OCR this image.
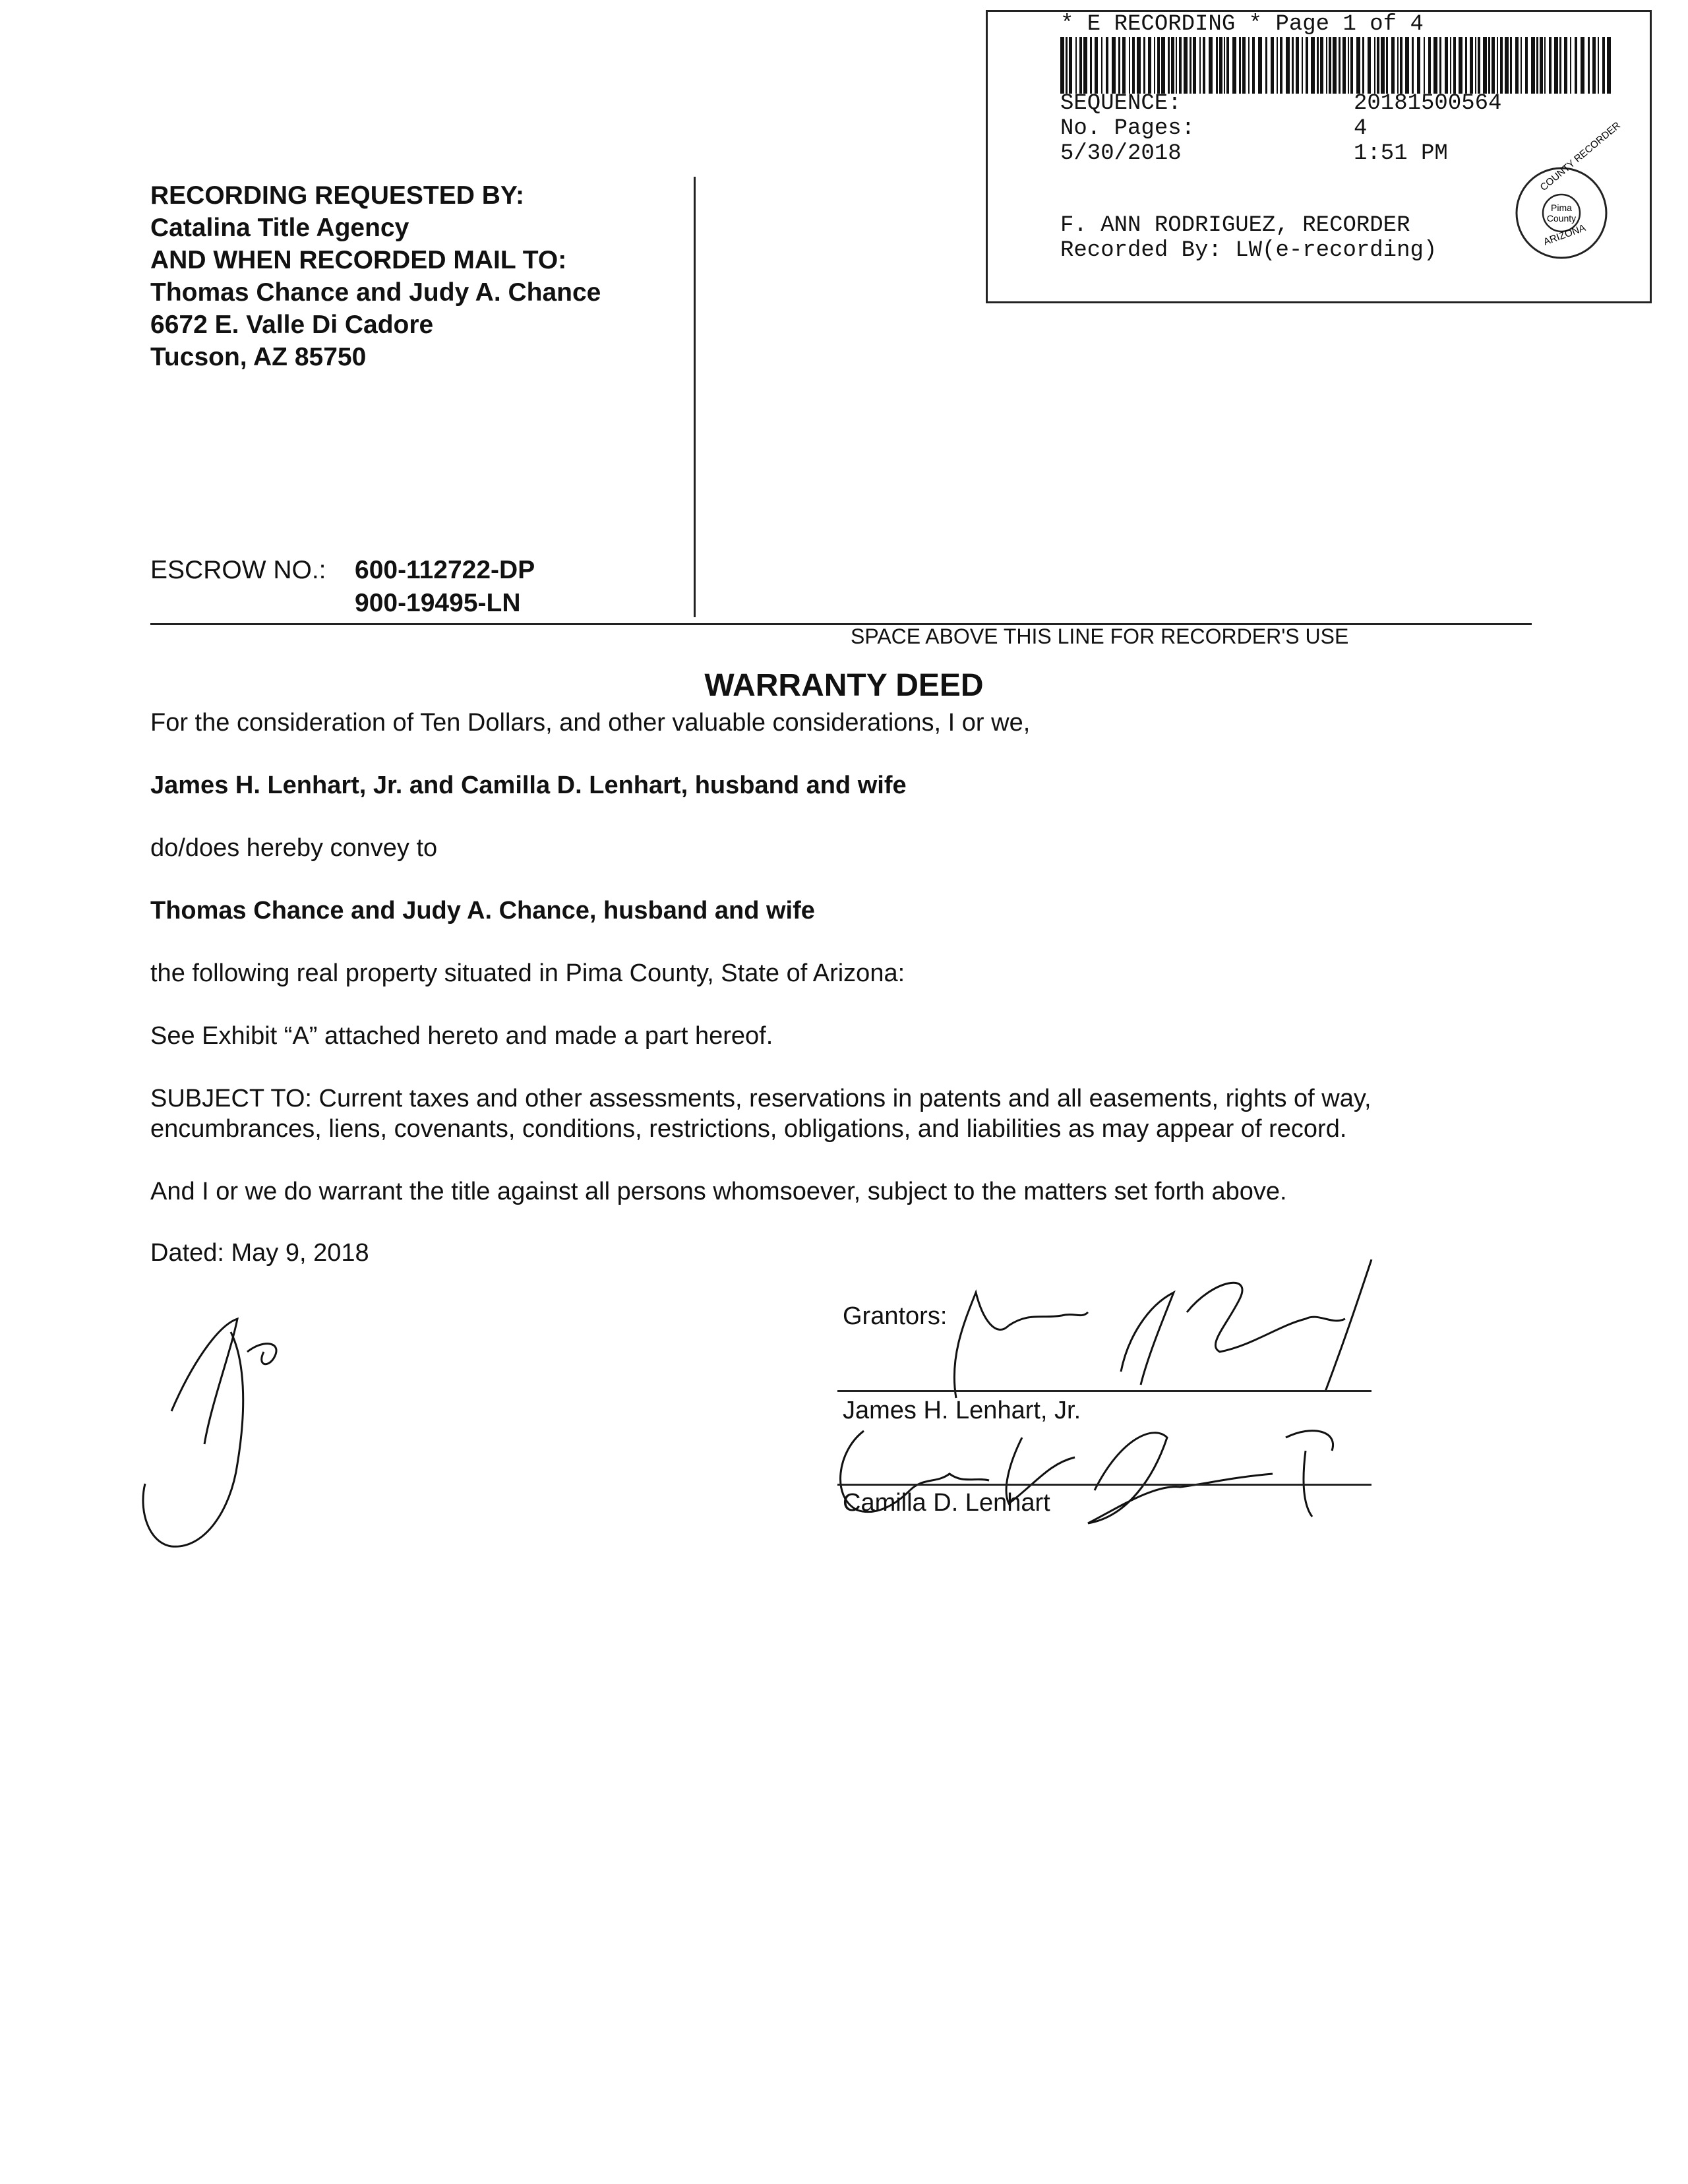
* E RECORDING * Page 1 of 4
SEQUENCE:	20181500564
No. Pages:	4
5/30/2018	1:51 PM
F. ANN RODRIGUEZ, RECORDER
Recorded By: LW(e-recording)
Pima
County
COUNTY RECORDER
ARIZONA
RECORDING REQUESTED BY:
Catalina Title Agency
AND WHEN RECORDED MAIL TO:
Thomas Chance and Judy A. Chance
6672 E. Valle Di Cadore
Tucson, AZ 85750
ESCROW NO.: 600-112722-DP
900-19495-LN
SPACE ABOVE THIS LINE FOR RECORDER'S USE
WARRANTY DEED
For the consideration of Ten Dollars, and other valuable considerations, I or we,
James H. Lenhart, Jr. and Camilla D. Lenhart, husband and wife
do/does hereby convey to
Thomas Chance and Judy A. Chance, husband and wife
the following real property situated in Pima County, State of Arizona:
See Exhibit “A” attached hereto and made a part hereof.
SUBJECT TO: Current taxes and other assessments, reservations in patents and all easements, rights of way,
encumbrances, liens, covenants, conditions, restrictions, obligations, and liabilities as may appear of record.
And I or we do warrant the title against all persons whomsoever, subject to the matters set forth above.
Dated: May 9, 2018
Grantors:
James H. Lenhart, Jr.
Camilla D. Lenhart
